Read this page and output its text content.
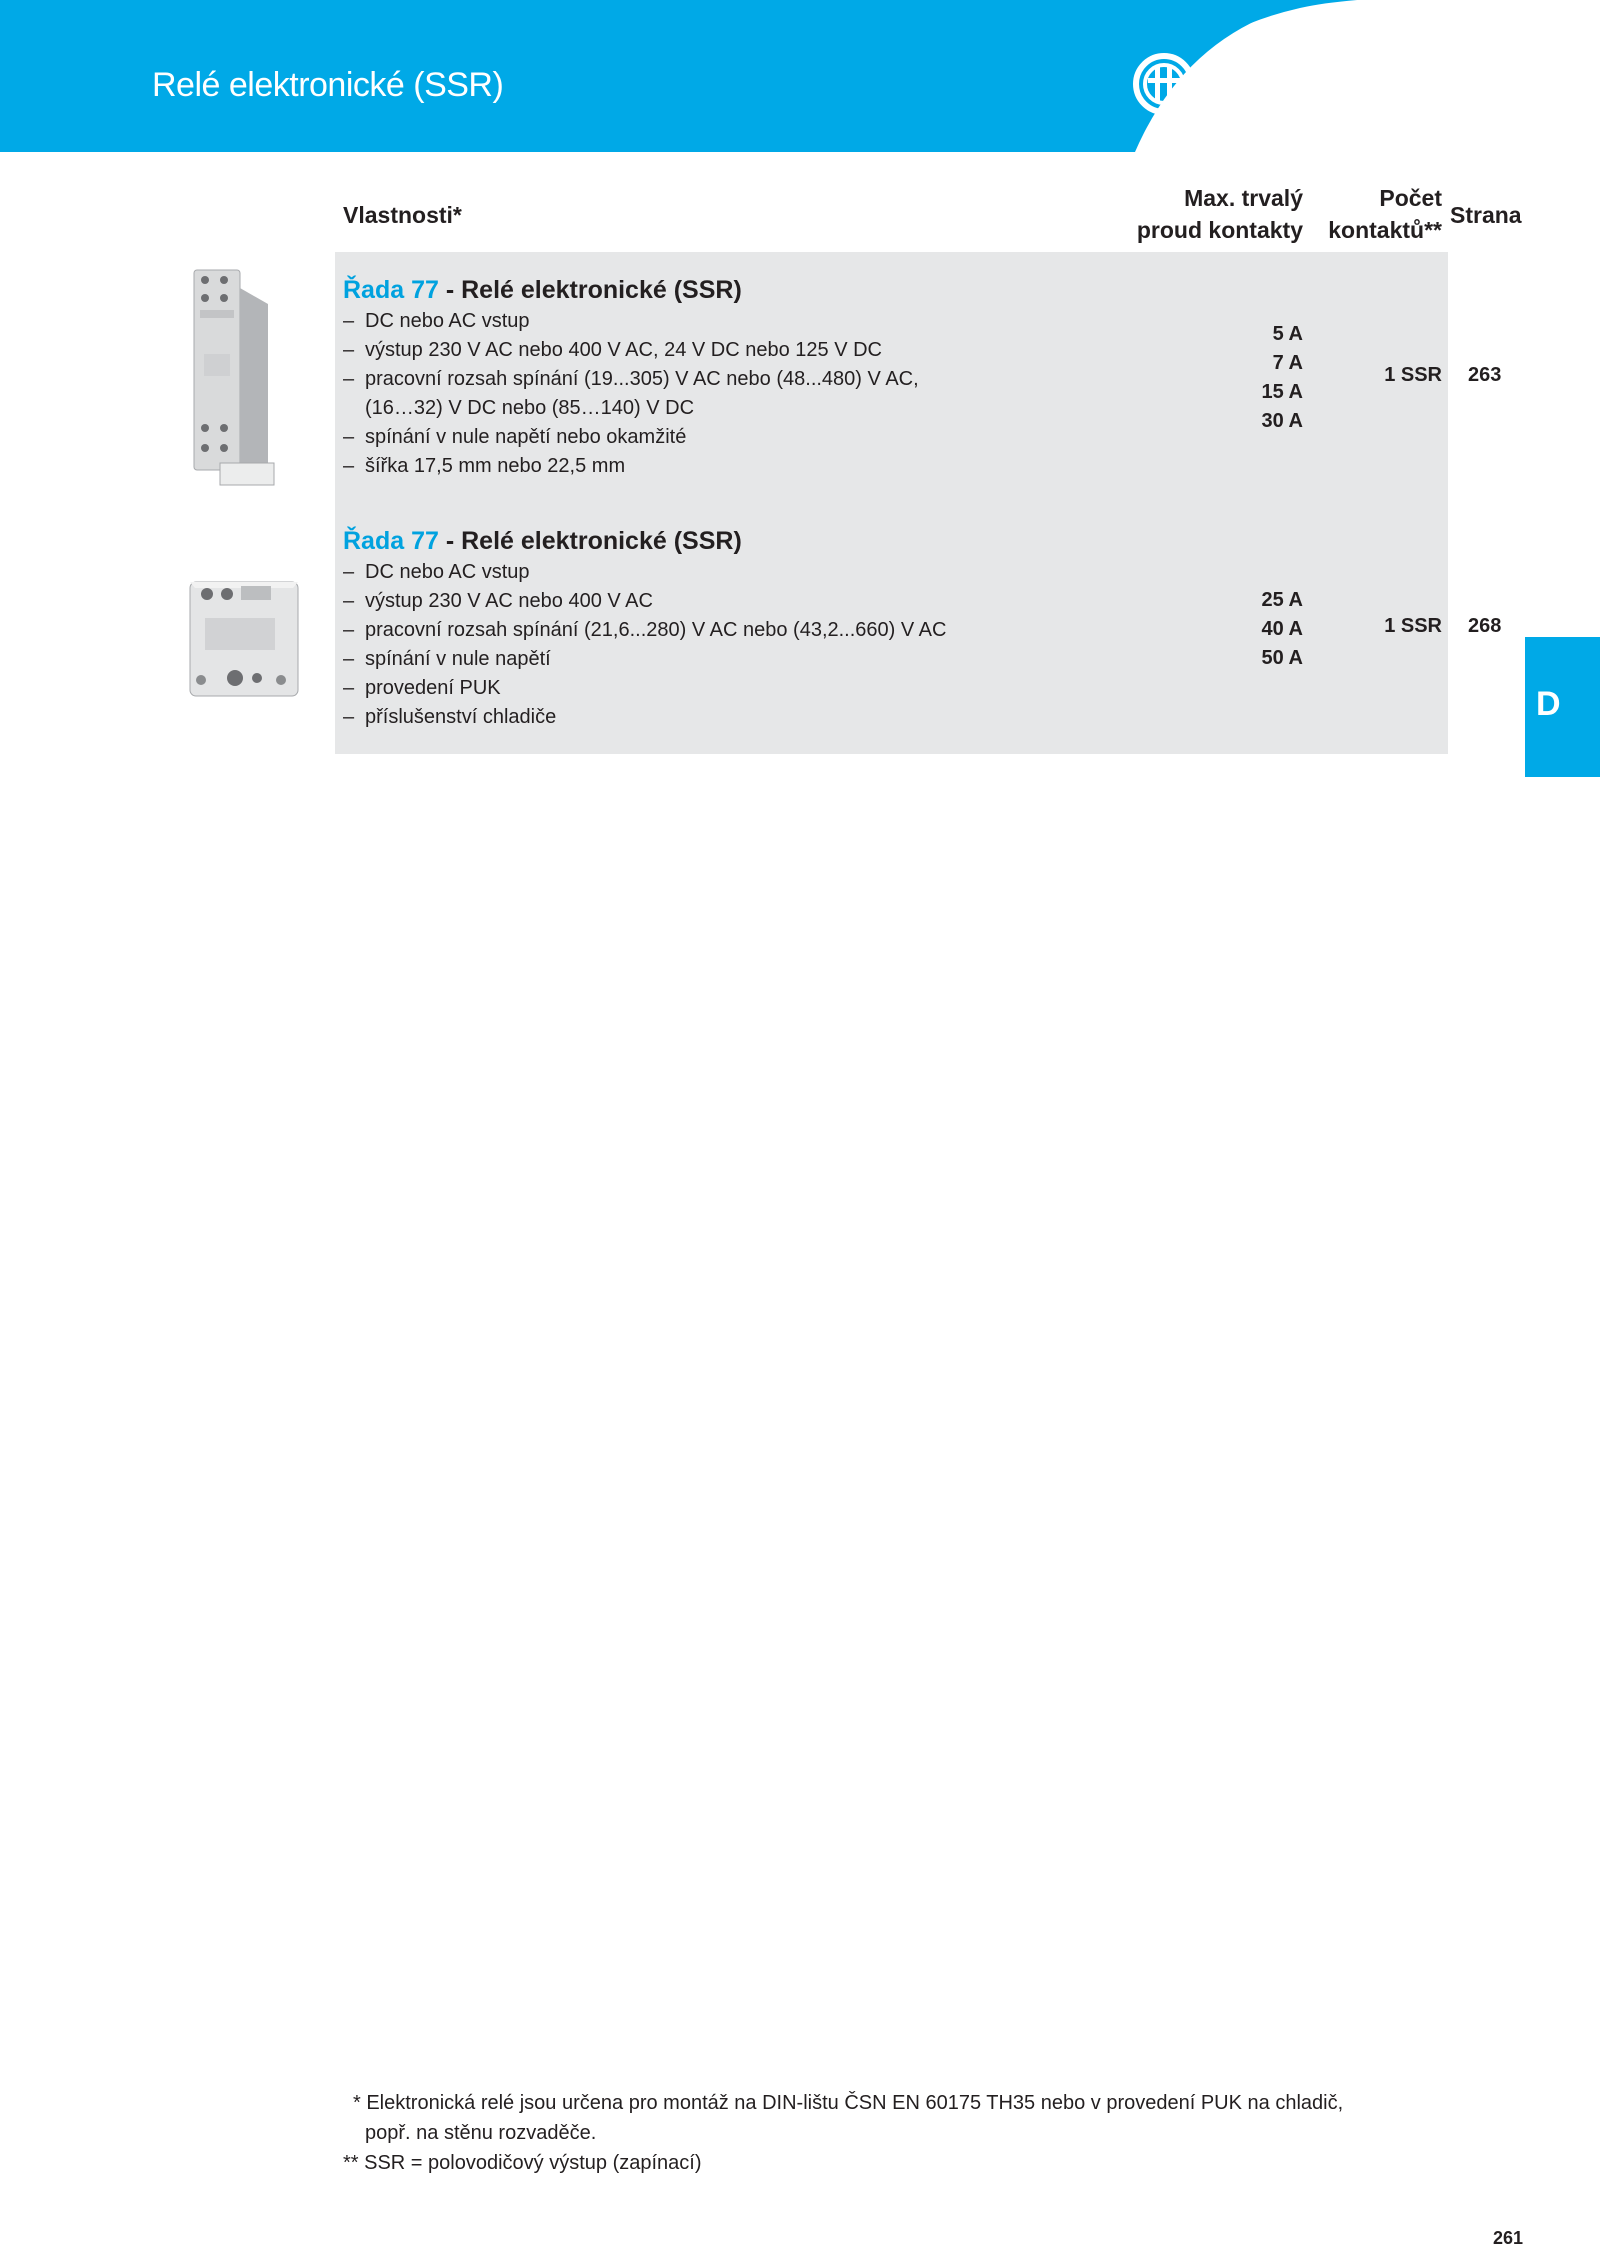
Relé elektronické (SSR)	finder
Vlastnosti*
Max. trvalý
proud kontakty
Počet
kontaktů**
Strana
Řada 77 - Relé elektronické (SSR)
– DC nebo AC vstup
– výstup 230 V AC nebo 400 V AC, 24 V DC nebo 125 V DC
– pracovní rozsah spínání (19...305) V AC nebo (48...480) V AC,
(16…32) V DC nebo (85…140) V DC
– spínání v nule napětí nebo okamžité
– šířka 17,5 mm nebo 22,5 mm
5 A
7 A
15 A
30 A
1 SSR 263
Řada 77 - Relé elektronické (SSR)
– DC nebo AC vstup
– výstup 230 V AC nebo 400 V AC
– pracovní rozsah spínání (21,6...280) V AC nebo (43,2...660) V AC
– spínání v nule napětí
– provedení PUK
– příslušenství chladiče
25 A
40 A
50 A
1 SSR 268
D
* Elektronická relé jsou určena pro montáž na DIN-lištu ČSN EN 60175 TH35 nebo v provedení PUK na chladič,
popř. na stěnu rozvaděče.
** SSR = polovodičový výstup (zapínací)
261
